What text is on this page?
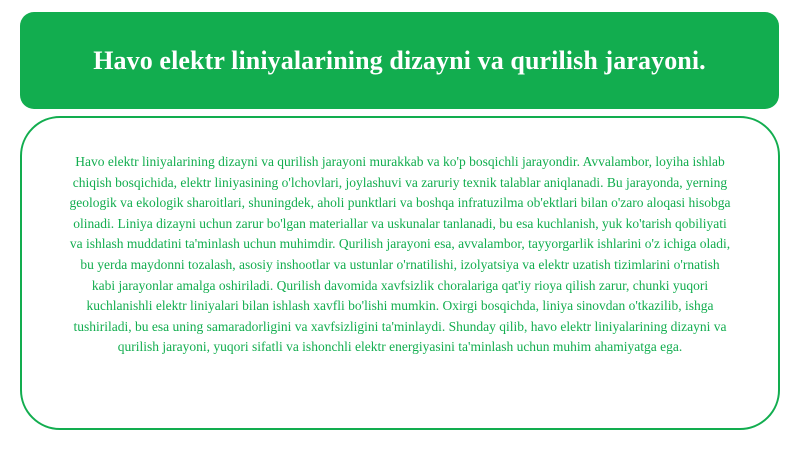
Havo elektr liniyalarining dizayni va qurilish jarayoni.

Havo elektr liniyalarining dizayni va qurilish jarayoni murakkab va ko'p bosqichli jarayondir. Avvalambor, loyiha ishlab chiqish bosqichida, elektr liniyasining o'lchovlari, joylashuvi va zaruriy texnik talablar aniqlanadi. Bu jarayonda, yerning geologik va ekologik sharoitlari, shuningdek, aholi punktlari va boshqa infratuzilma ob'ektlari bilan o'zaro aloqasi hisobga olinadi. Liniya dizayni uchun zarur bo'lgan materiallar va uskunalar tanlanadi, bu esa kuchlanish, yuk ko'tarish qobiliyati va ishlash muddatini ta'minlash uchun muhimdir. Qurilish jarayoni esa, avvalambor, tayyorgarlik ishlarini o'z ichiga oladi, bu yerda maydonni tozalash, asosiy inshootlar va ustunlar o'rnatilishi, izolyatsiya va elektr uzatish tizimlarini o'rnatish kabi jarayonlar amalga oshiriladi. Qurilish davomida xavfsizlik choralariga qat'iy rioya qilish zarur, chunki yuqori kuchlanishli elektr liniyalari bilan ishlash xavfli bo'lishi mumkin. Oxirgi bosqichda, liniya sinovdan o'tkazilib, ishga tushiriladi, bu esa uning samaradorligini va xavfsizligini ta'minlaydi. Shunday qilib, havo elektr liniyalarining dizayni va qurilish jarayoni, yuqori sifatli va ishonchli elektr energiyasini ta'minlash uchun muhim ahamiyatga ega.
